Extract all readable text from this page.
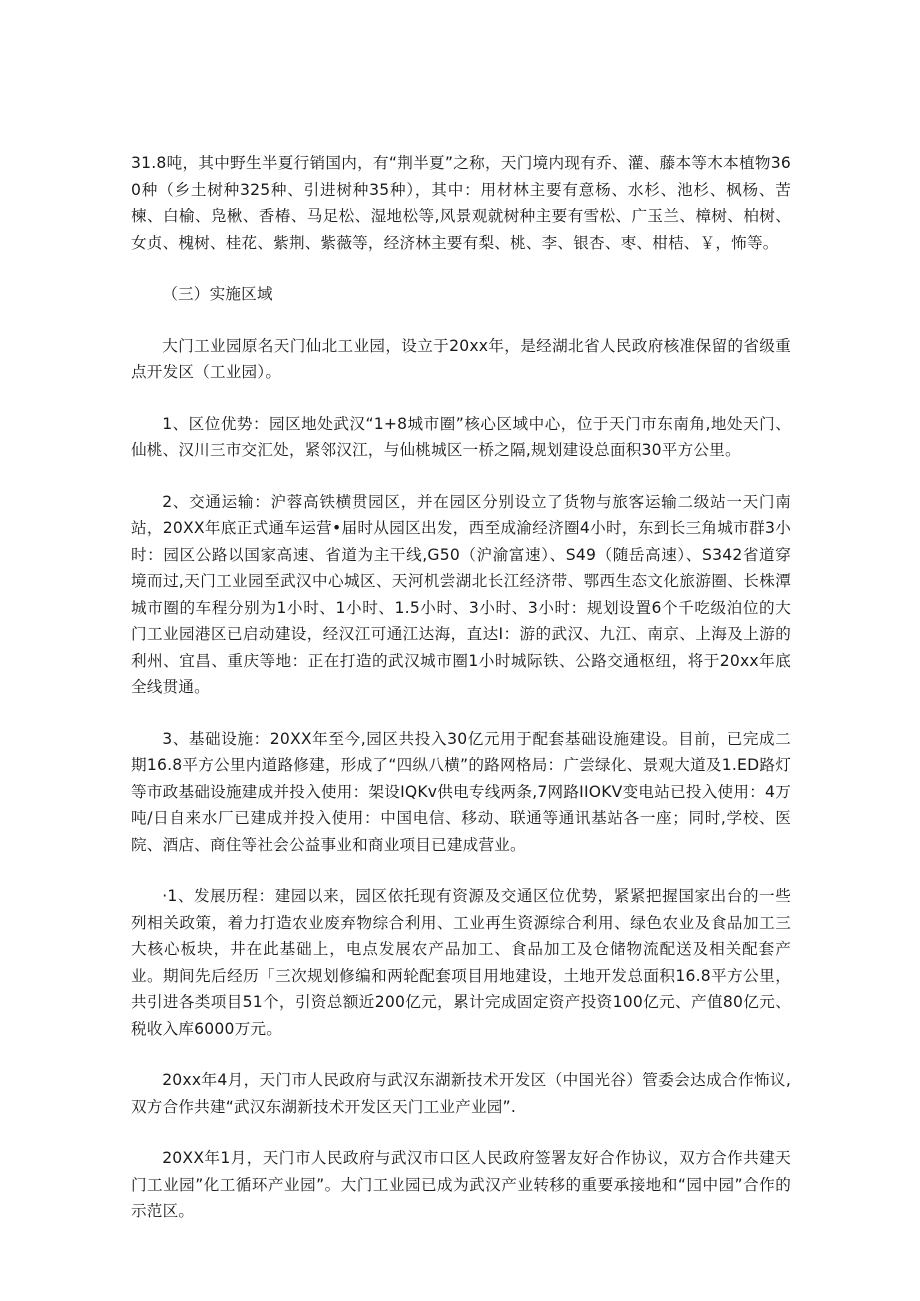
31.8吨，其中野生半夏行销国内，有“荆半夏”之称，天门境内现有乔、灌、藤本等木本植物360种（乡土树种325种、引进树种35种），其中：用材林主要有意杨、水杉、池杉、枫杨、苦楝、白榆、凫楸、香椿、马足松、湿地松等,风景观就树种主要有雪松、广玉兰、樟树、柏树、女贞、槐树、桂花、紫荆、紫薇等，经济林主要有梨、桃、李、银杏、枣、柑桔、￥，怖等。

（三）实施区域

大门工业园原名天门仙北工业园，设立于20xx年，是经湖北省人民政府核准保留的省级重点开发区（工业园）。

1、区位优势：园区地处武汉“1+8城市圈”核心区域中心，位于天门市东南角,地处天门、仙桃、汉川三市交汇处，紧邻汉江，与仙桃城区一桥之隔,规划建设总面积30平方公里。

2、交通运输：沪蓉高铁横贯园区，并在园区分别设立了货物与旅客运输二级站一天门南站，20XX年底正式通车运营•届时从园区出发，西至成渝经济圈4小时，东到长三角城市群3小时：园区公路以国家高速、省道为主干线,G50（沪渝富速）、S49（随岳高速）、S342省道穿境而过,天门工业园至武汉中心城区、天河机尝湖北长江经济带、鄂西生态文化旅游圈、长株潭城市圈的车程分别为1小时、1小时、1.5小时、3小时、3小时：规划设置6个千吃级泊位的大门工业园港区已启动建设，经汉江可通江达海，直达I：游的武汉、九江、南京、上海及上游的利州、宜昌、重庆等地：正在打造的武汉城市圈1小时城际铁、公路交通枢纽，将于20xx年底全线贯通。

3、基础设施：20XX年至今,园区共投入30亿元用于配套基础设施建设。目前，已完成二期16.8平方公里内道路修建，形成了“四纵八横”的路网格局：广尝绿化、景观大道及1.ED路灯等市政基础设施建成并投入使用：架设IQKv供电专线两条,7网路IIOKV变电站已投入使用：4万吨/日自来水厂已建成并投入使用：中国电信、移动、联通等通讯基站各一座；同时,学校、医院、酒店、商住等社会公益事业和商业项目已建成营业。

·1、发展历程：建园以来，园区依托现有资源及交通区位优势，紧紧把握国家出台的一些列相关政策，着力打造农业废弃物综合利用、工业再生资源综合利用、绿色农业及食品加工三大核心板块，井在此基础上，电点发展农产品加工、食品加工及仓储物流配送及相关配套产业。期间先后经历「三次规划修编和两轮配套项目用地建设，土地开发总面积16.8平方公里，共引进各类项目51个，引资总额近200亿元，累计完成固定资产投资100亿元、产值80亿元、税收入库6000万元。

20xx年4月，天门市人民政府与武汉东湖新技术开发区（中国光谷）管委会达成合作怖议,双方合作共建“武汉东湖新技术开发区天门工业产业园”.

20XX年1月，天门市人民政府与武汉市口区人民政府签署友好合作协议，双方合作共建天门工业园”化工循环产业园”。大门工业园已成为武汉产业转移的重要承接地和“园中园”合作的示范区。
